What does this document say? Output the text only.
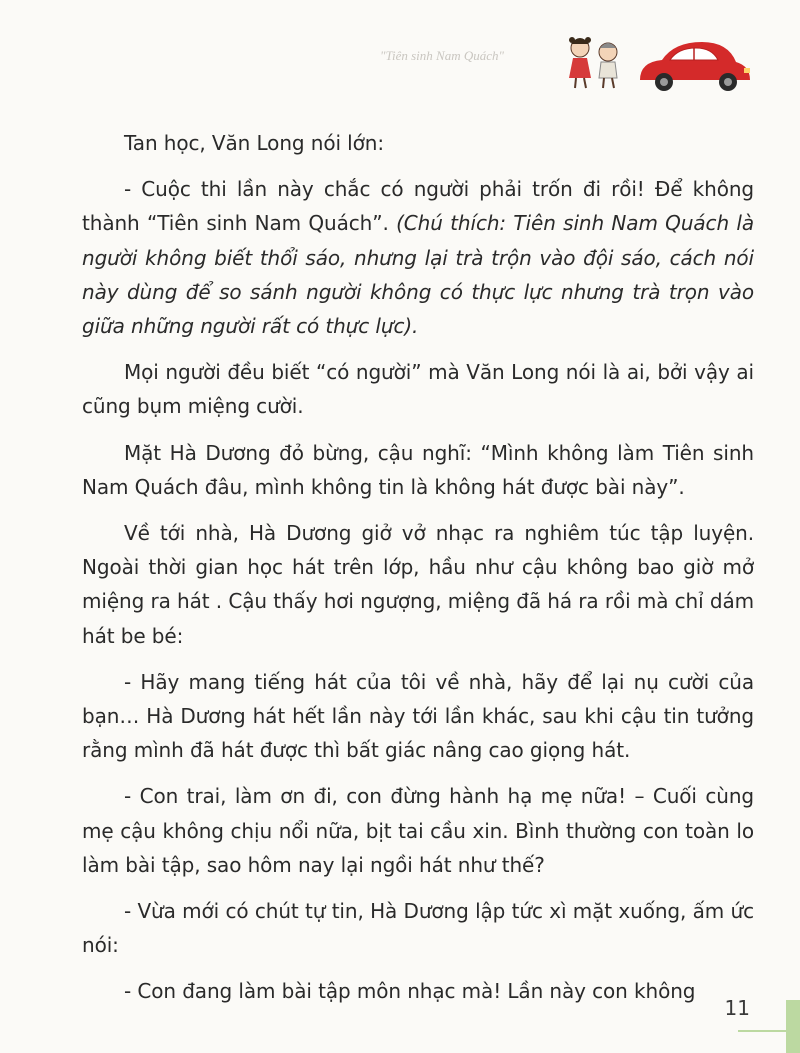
"Tiên sinh Nam Quách"

Tan học, Văn Long nói lớn:

- Cuộc thi lần này chắc có người phải trốn đi rồi! Để không thành “Tiên sinh Nam Quách”. (Chú thích: Tiên sinh Nam Quách là người không biết thổi sáo, nhưng lại trà trộn vào đội sáo, cách nói này dùng để so sánh người không có thực lực nhưng trà trọn vào giữa những người rất có thực lực).

Mọi người đều biết “có người” mà Văn Long nói là ai, bởi vậy ai cũng bụm miệng cười.

Mặt Hà Dương đỏ bừng, cậu nghĩ: “Mình không làm Tiên sinh Nam Quách đâu, mình không tin là không hát được bài này”.

Về tới nhà, Hà Dương giở vở nhạc ra nghiêm túc tập luyện. Ngoài thời gian học hát trên lớp, hầu như cậu không bao giờ mở miệng ra hát . Cậu thấy hơi ngượng, miệng đã há ra rồi mà chỉ dám hát be bé:

- Hãy mang tiếng hát của tôi về nhà, hãy để lại nụ cười của bạn… Hà Dương hát hết lần này tới lần khác, sau khi cậu tin tưởng rằng mình đã hát được thì bất giác nâng cao giọng hát.

- Con trai, làm ơn đi, con đừng hành hạ mẹ nữa! – Cuối cùng mẹ cậu không chịu nổi nữa, bịt tai cầu xin. Bình thường con toàn lo làm bài tập, sao hôm nay lại ngồi hát như thế?

- Vừa mới có chút tự tin, Hà Dương lập tức xì mặt xuống, ấm ức nói:

- Con đang làm bài tập môn nhạc mà! Lần này con không

11
